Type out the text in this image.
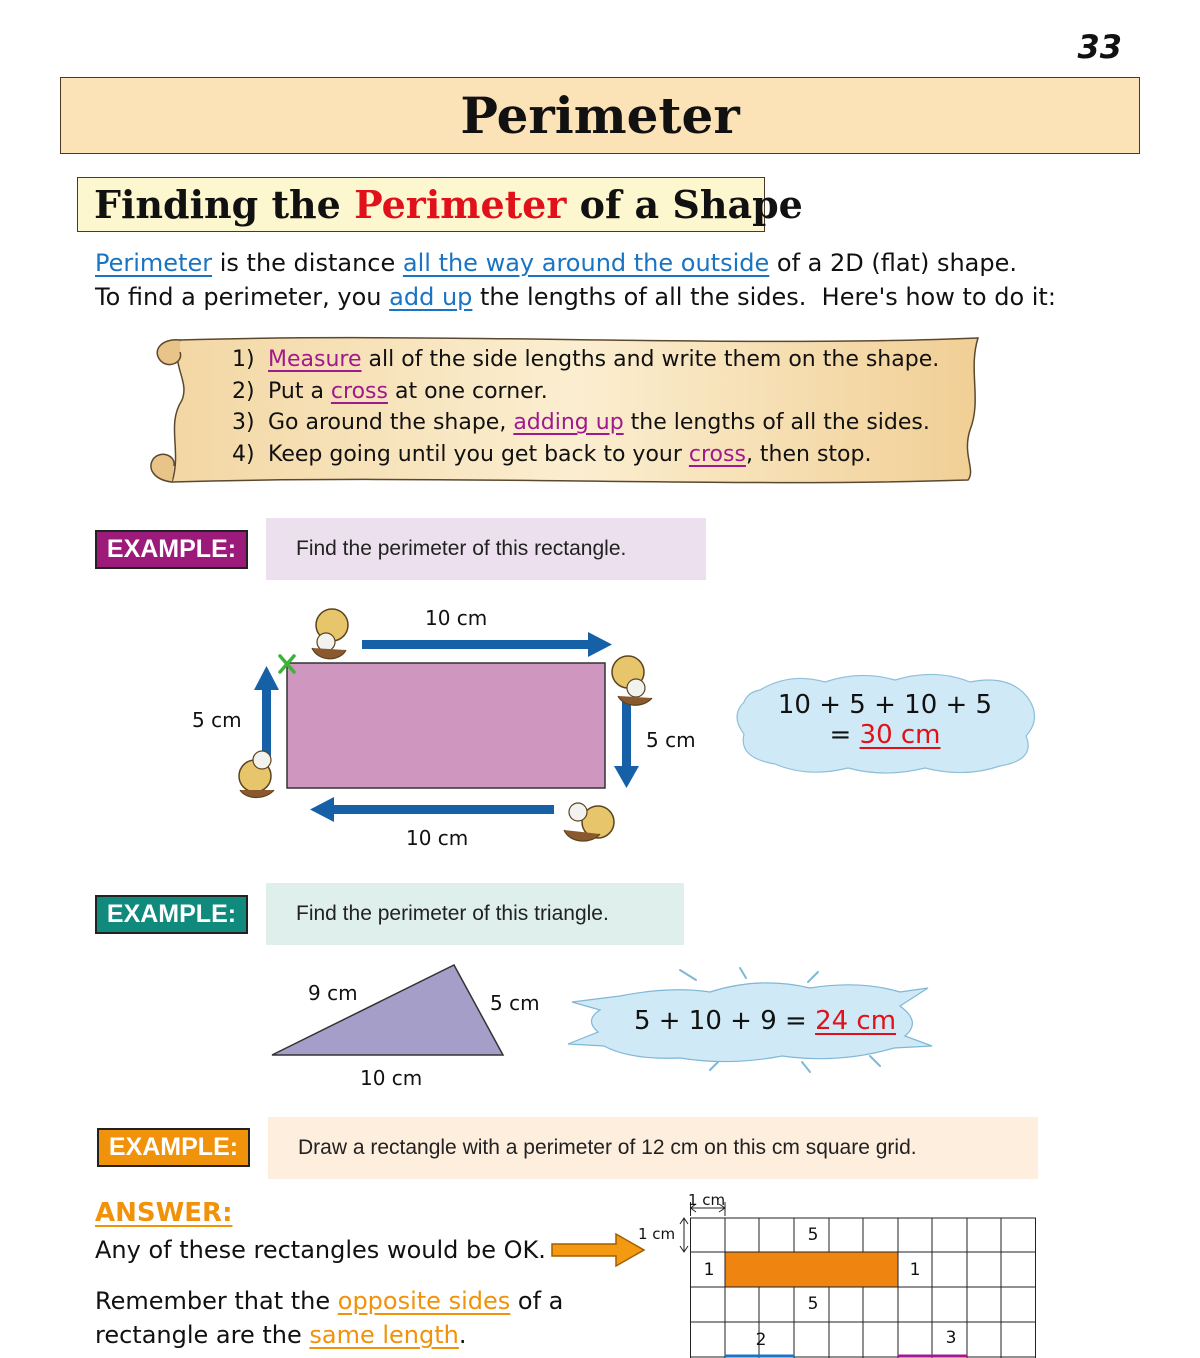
33
Perimeter
Finding the Perimeter of a Shape
Perimeter is the distance all the way around the outside of a 2D (flat) shape.
To find a perimeter, you add up the lengths of all the sides.  Here's how to do it:
1) Measure all of the side lengths and write them on the shape.
2) Put a cross at one corner.
3) Go around the shape, adding up the lengths of all the sides.
4) Keep going until you get back to your cross, then stop.
EXAMPLE:	Find the perimeter of this rectangle.
10 cm
5 cm
5 cm
10 cm
10 + 5 + 10 + 5
= 30 cm
EXAMPLE:	Find the perimeter of this triangle.
9 cm	5 cm
10 cm
5 + 10 + 9 = 24 cm
EXAMPLE:	Draw a rectangle with a perimeter of 12 cm on this cm square grid.
ANSWER:
Any of these rectangles would be OK.
Remember that the opposite sides of a
rectangle are the same length.
1 cm
1 cm	5
1	1
5
2	3
